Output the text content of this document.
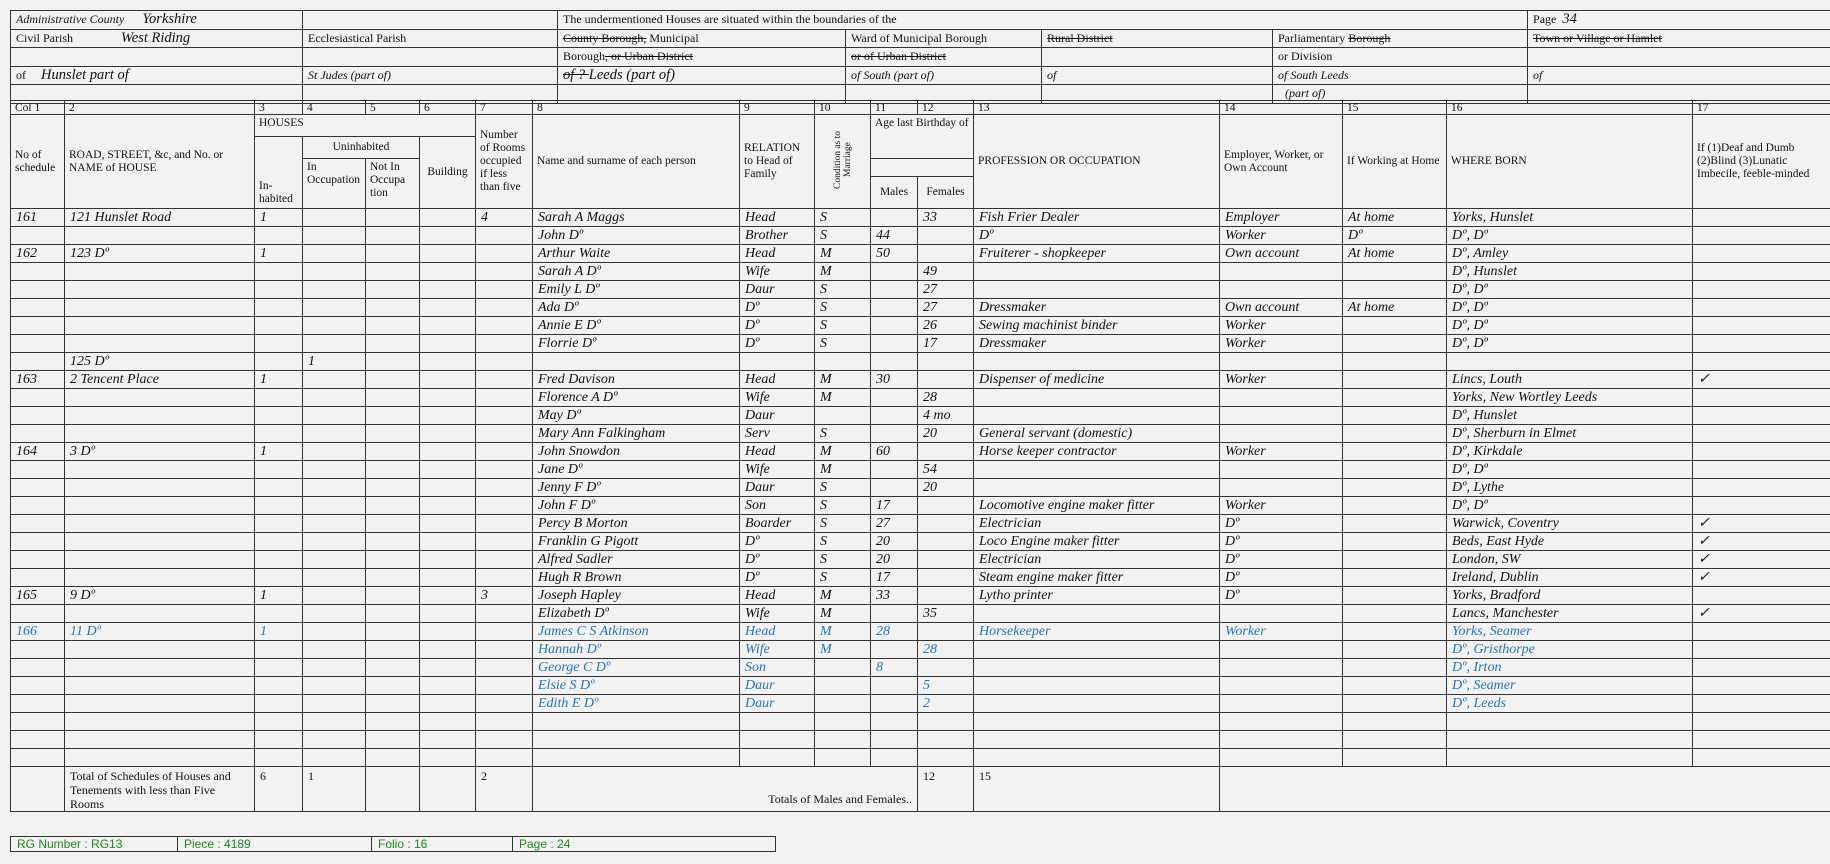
Administrative County Yorkshire		The undermentioned Houses are situated within the boundaries of the				Page 34
Civil Parish West Riding	Ecclesiastical Parish	County Borough, Municipal	Ward of Municipal Borough	Rural District	Parliamentary Borough	Town or Village or Hamlet
		Borough, or Urban District	or of Urban District		or Division	
of Hunslet part of	St Judes (part of)	of ? Leeds (part of)	of South (part of)	of	of South Leeds	of
					(part of)	
Col 1	2	3	4	5	6	7	8	9	10	11	12	13	14	15	16	17
No of schedule	ROAD, STREET, &c, and No. or NAME of HOUSE	HOUSES				Number of Rooms occupied if less than five	Name and surname of each person	RELATION to Head of Family	Condition as to Marriage	Age last Birthday of		PROFESSION OR OCCUPATION	Employer, Worker, or Own Account	If Working at Home	WHERE BORN	If (1)Deaf and Dumb (2)Blind (3)Lunatic Imbecile, feeble-minded
		In-habited	Uninhabited		Building											
			In Occupation	Not In Occupa tion												
										Males	Females					
161	121 Hunslet Road	1				4	Sarah A Maggs	Head	S		33	Fish Frier Dealer	Employer	At home	Yorks, Hunslet	
							John Dº	Brother	S	44		Dº	Worker	Dº	Dº, Dº	
162	123 Dº	1					Arthur Waite	Head	M	50		Fruiterer - shopkeeper	Own account	At home	Dº, Amley	
							Sarah A Dº	Wife	M		49				Dº, Hunslet	
							Emily L Dº	Daur	S		27				Dº, Dº	
							Ada Dº	Dº	S		27	Dressmaker	Own account	At home	Dº, Dº	
							Annie E Dº	Dº	S		26	Sewing machinist binder	Worker		Dº, Dº	
							Florrie Dº	Dº	S		17	Dressmaker	Worker		Dº, Dº	
	125 Dº		1													
163	2 Tencent Place	1					Fred Davison	Head	M	30		Dispenser of medicine	Worker		Lincs, Louth	✓
							Florence A Dº	Wife	M		28				Yorks, New Wortley Leeds	
							May Dº	Daur			4 mo				Dº, Hunslet	
							Mary Ann Falkingham	Serv	S		20	General servant (domestic)			Dº, Sherburn in Elmet	
164	3 Dº	1					John Snowdon	Head	M	60		Horse keeper contractor	Worker		Dº, Kirkdale	
							Jane Dº	Wife	M		54				Dº, Dº	
							Jenny F Dº	Daur	S		20				Dº, Lythe	
							John F Dº	Son	S	17		Locomotive engine maker fitter	Worker		Dº, Dº	
							Percy B Morton	Boarder	S	27		Electrician	Dº		Warwick, Coventry	✓
							Franklin G Pigott	Dº	S	20		Loco Engine maker fitter	Dº		Beds, East Hyde	✓
							Alfred Sadler	Dº	S	20		Electrician	Dº		London, SW	✓
							Hugh R Brown	Dº	S	17		Steam engine maker fitter	Dº		Ireland, Dublin	✓
165	9 Dº	1				3	Joseph Hapley	Head	M	33		Lytho printer	Dº		Yorks, Bradford	
							Elizabeth Dº	Wife	M		35				Lancs, Manchester	✓
166	11 Dº	1					James C S Atkinson	Head	M	28		Horsekeeper	Worker		Yorks, Seamer	
							Hannah Dº	Wife	M		28				Dº, Gristhorpe	
							George C Dº	Son		8					Dº, Irton	
							Elsie S Dº	Daur			5				Dº, Seamer	
							Edith E Dº	Daur			2				Dº, Leeds	

	Total of Schedules of Houses and Tenements with less than Five Rooms	6	1			2	Totals of Males and Females..				12	15				
RG Number : RG13	Piece : 4189	Folio : 16	Page : 24
